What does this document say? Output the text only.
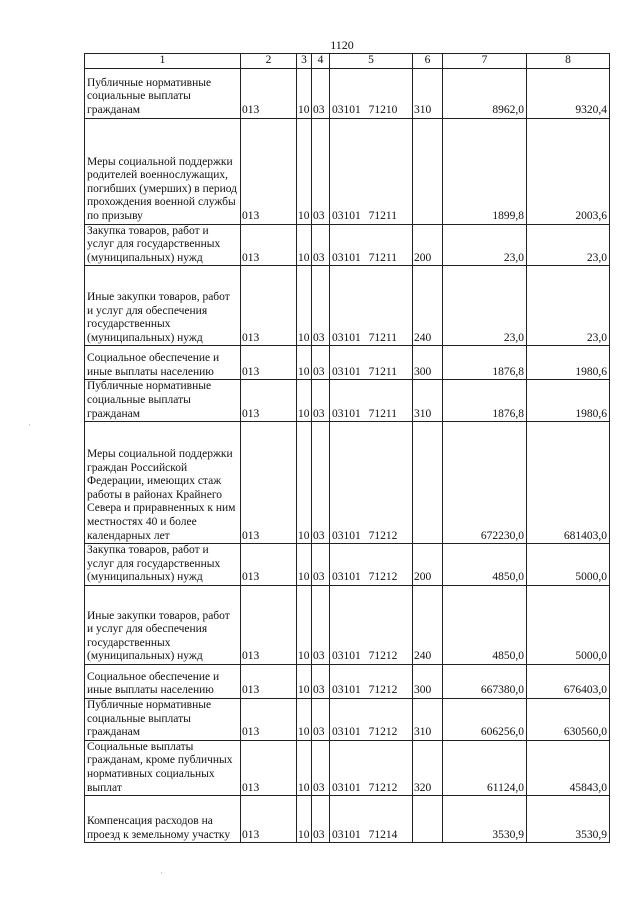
1120
1	2	3	4	5	6	7	8
Публичные нормативные социальные выплаты гражданам	013	10	03	03101 71210	310	8962,0	9320,4
Меры социальной поддержки родителей военнослужащих, погибших (умерших) в период прохождения военной службы по призыву	013	10	03	03101 71211		1899,8	2003,6
Закупка товаров, работ и услуг для государственных (муниципальных) нужд	013	10	03	03101 71211	200	23,0	23,0
Иные закупки товаров, работ и услуг для обеспечения государственных (муниципальных) нужд	013	10	03	03101 71211	240	23,0	23,0
Социальное обеспечение и иные выплаты населению	013	10	03	03101 71211	300	1876,8	1980,6
Публичные нормативные социальные выплаты гражданам	013	10	03	03101 71211	310	1876,8	1980,6
Меры социальной поддержки граждан Российской Федерации, имеющих стаж работы в районах Крайнего Севера и приравненных к ним местностях 40 и более календарных лет	013	10	03	03101 71212		672230,0	681403,0
Закупка товаров, работ и услуг для государственных (муниципальных) нужд	013	10	03	03101 71212	200	4850,0	5000,0
Иные закупки товаров, работ и услуг для обеспечения государственных (муниципальных) нужд	013	10	03	03101 71212	240	4850,0	5000,0
Социальное обеспечение и иные выплаты населению	013	10	03	03101 71212	300	667380,0	676403,0
Публичные нормативные социальные выплаты гражданам	013	10	03	03101 71212	310	606256,0	630560,0
Социальные выплаты гражданам, кроме публичных нормативных социальных выплат	013	10	03	03101 71212	320	61124,0	45843,0
Компенсация расходов на проезд к земельному участку	013	10	03	03101 71214		3530,9	3530,9
·
·
